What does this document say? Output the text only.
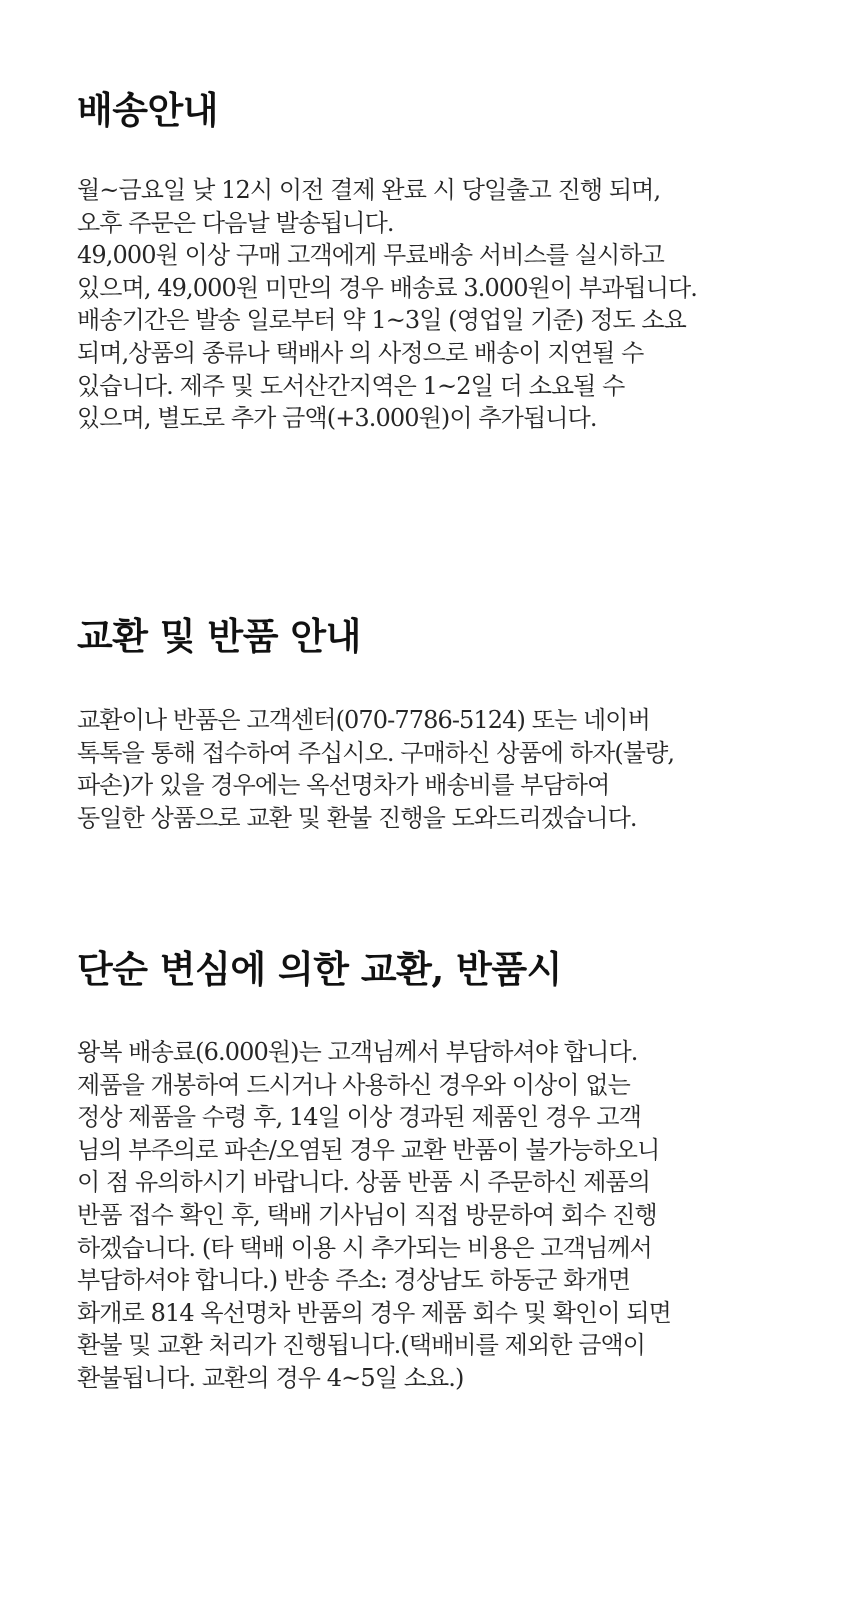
배송안내
월~금요일 낮 12시 이전 결제 완료 시 당일출고 진행 되며,
오후 주문은 다음날 발송됩니다.
49,000원 이상 구매 고객에게 무료배송 서비스를 실시하고
있으며, 49,000원 미만의 경우 배송료 3.000원이 부과됩니다.
배송기간은 발송 일로부터 약 1~3일 (영업일 기준) 정도 소요
되며,상품의 종류나 택배사 의 사정으로 배송이 지연될 수
있습니다. 제주 및 도서산간지역은 1~2일 더 소요될 수
있으며, 별도로 추가 금액(+3.000원)이 추가됩니다.
교환 및 반품 안내
교환이나 반품은 고객센터(070-7786-5124) 또는 네이버
톡톡을 통해 접수하여 주십시오. 구매하신 상품에 하자(불량,
파손)가 있을 경우에는 옥선명차가 배송비를 부담하여
동일한 상품으로 교환 및 환불 진행을 도와드리겠습니다.
단순 변심에 의한 교환, 반품시
왕복 배송료(6.000원)는 고객님께서 부담하셔야 합니다.
제품을 개봉하여 드시거나 사용하신 경우와 이상이 없는
정상 제품을 수령 후, 14일 이상 경과된 제품인 경우 고객
님의 부주의로 파손/오염된 경우 교환 반품이 불가능하오니
이 점 유의하시기 바랍니다. 상품 반품 시 주문하신 제품의
반품 접수 확인 후, 택배 기사님이 직접 방문하여 회수 진행
하겠습니다. (타 택배 이용 시 추가되는 비용은 고객님께서
부담하셔야 합니다.) 반송 주소: 경상남도 하동군 화개면
화개로 814 옥선명차 반품의 경우 제품 회수 및 확인이 되면
환불 및 교환 처리가 진행됩니다.(택배비를 제외한 금액이
환불됩니다. 교환의 경우 4~5일 소요.)
